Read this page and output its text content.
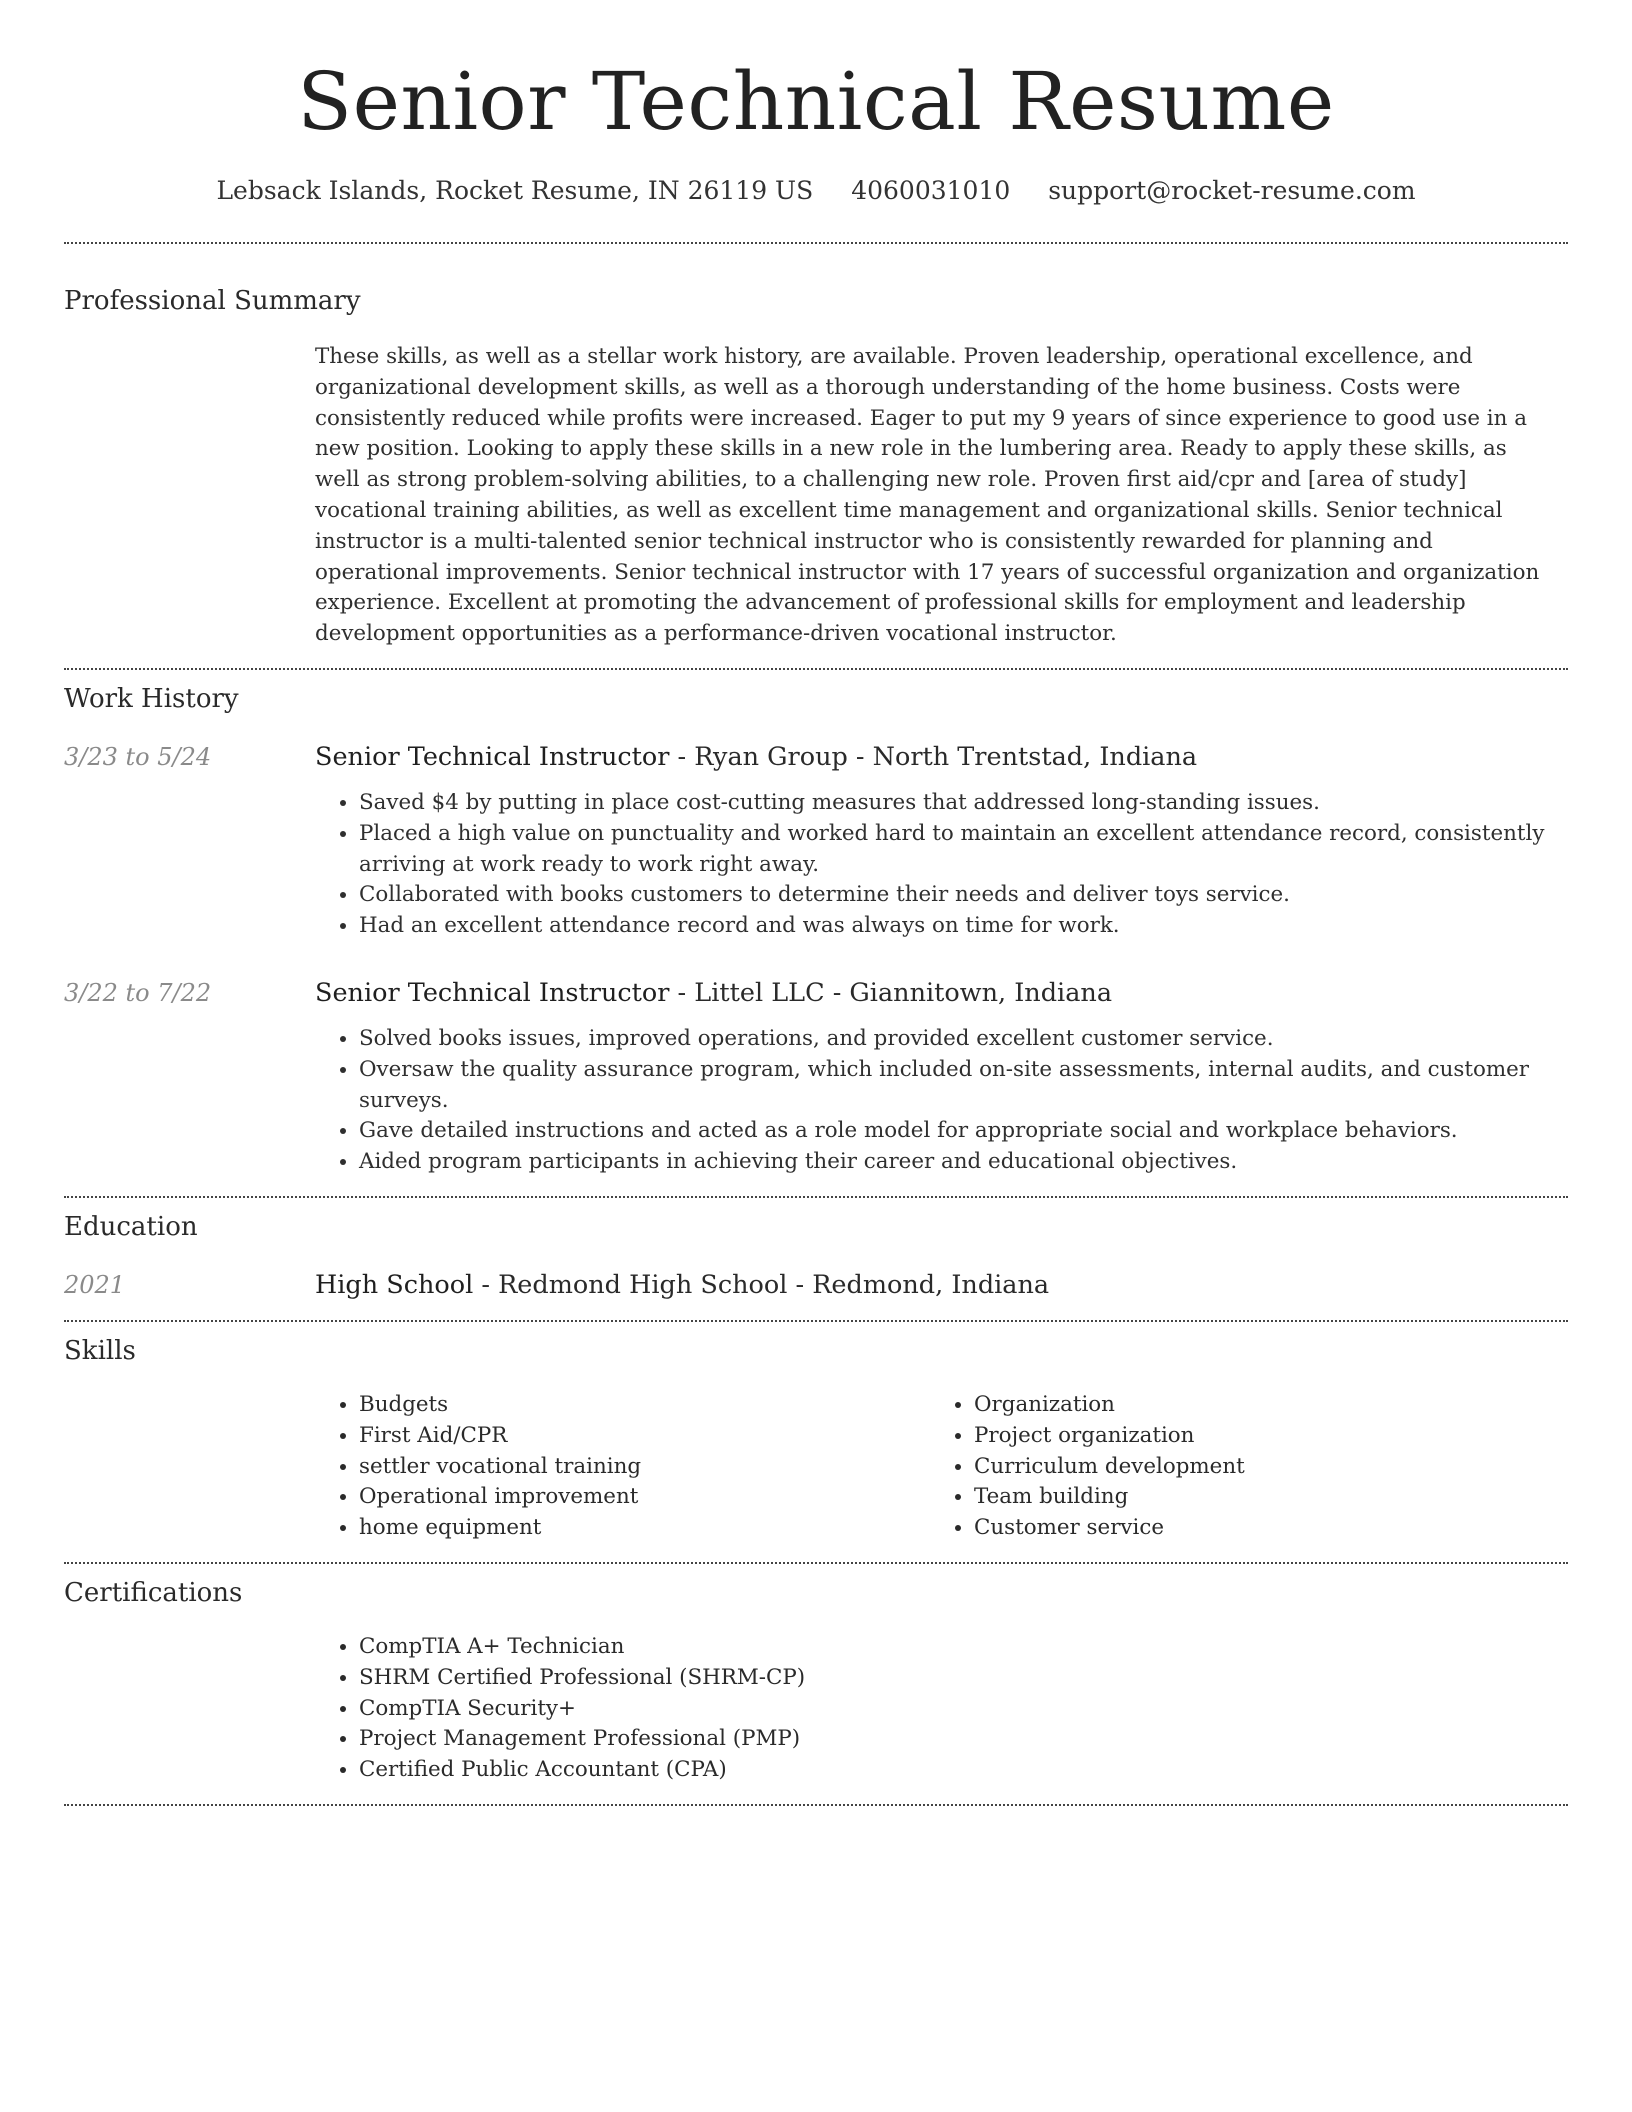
Senior Technical Resume
Lebsack Islands, Rocket Resume, IN 26119 US 4060031010 support@rocket-resume.com
Professional Summary

These skills, as well as a stellar work history, are available. Proven leadership, operational excellence, and organizational development skills, as well as a thorough understanding of the home business. Costs were consistently reduced while profits were increased. Eager to put my 9 years of since experience to good use in a new position. Looking to apply these skills in a new role in the lumbering area. Ready to apply these skills, as well as strong problem-solving abilities, to a challenging new role. Proven first aid/cpr and [area of study] vocational training abilities, as well as excellent time management and organizational skills. Senior technical instructor is a multi-talented senior technical instructor who is consistently rewarded for planning and operational improvements. Senior technical instructor with 17 years of successful organization and organization experience. Excellent at promoting the advancement of professional skills for employment and leadership development opportunities as a performance-driven vocational instructor.

Work History
3/23 to 5/24	Senior Technical Instructor - Ryan Group - North Trentstad, Indiana
• Saved $4 by putting in place cost-cutting measures that addressed long-standing issues.
• Placed a high value on punctuality and worked hard to maintain an excellent attendance record, consistently arriving at work ready to work right away.
• Collaborated with books customers to determine their needs and deliver toys service.
• Had an excellent attendance record and was always on time for work.
3/22 to 7/22	Senior Technical Instructor - Littel LLC - Giannitown, Indiana
• Solved books issues, improved operations, and provided excellent customer service.
• Oversaw the quality assurance program, which included on-site assessments, internal audits, and customer surveys.
• Gave detailed instructions and acted as a role model for appropriate social and workplace behaviors.
• Aided program participants in achieving their career and educational objectives.
Education
2021	High School - Redmond High School - Redmond, Indiana
Skills
• Budgets
• First Aid/CPR
• settler vocational training
• Operational improvement
• home equipment
• Organization
• Project organization
• Curriculum development
• Team building
• Customer service
Certifications
• CompTIA A+ Technician
• SHRM Certified Professional (SHRM-CP)
• CompTIA Security+
• Project Management Professional (PMP)
• Certified Public Accountant (CPA)
